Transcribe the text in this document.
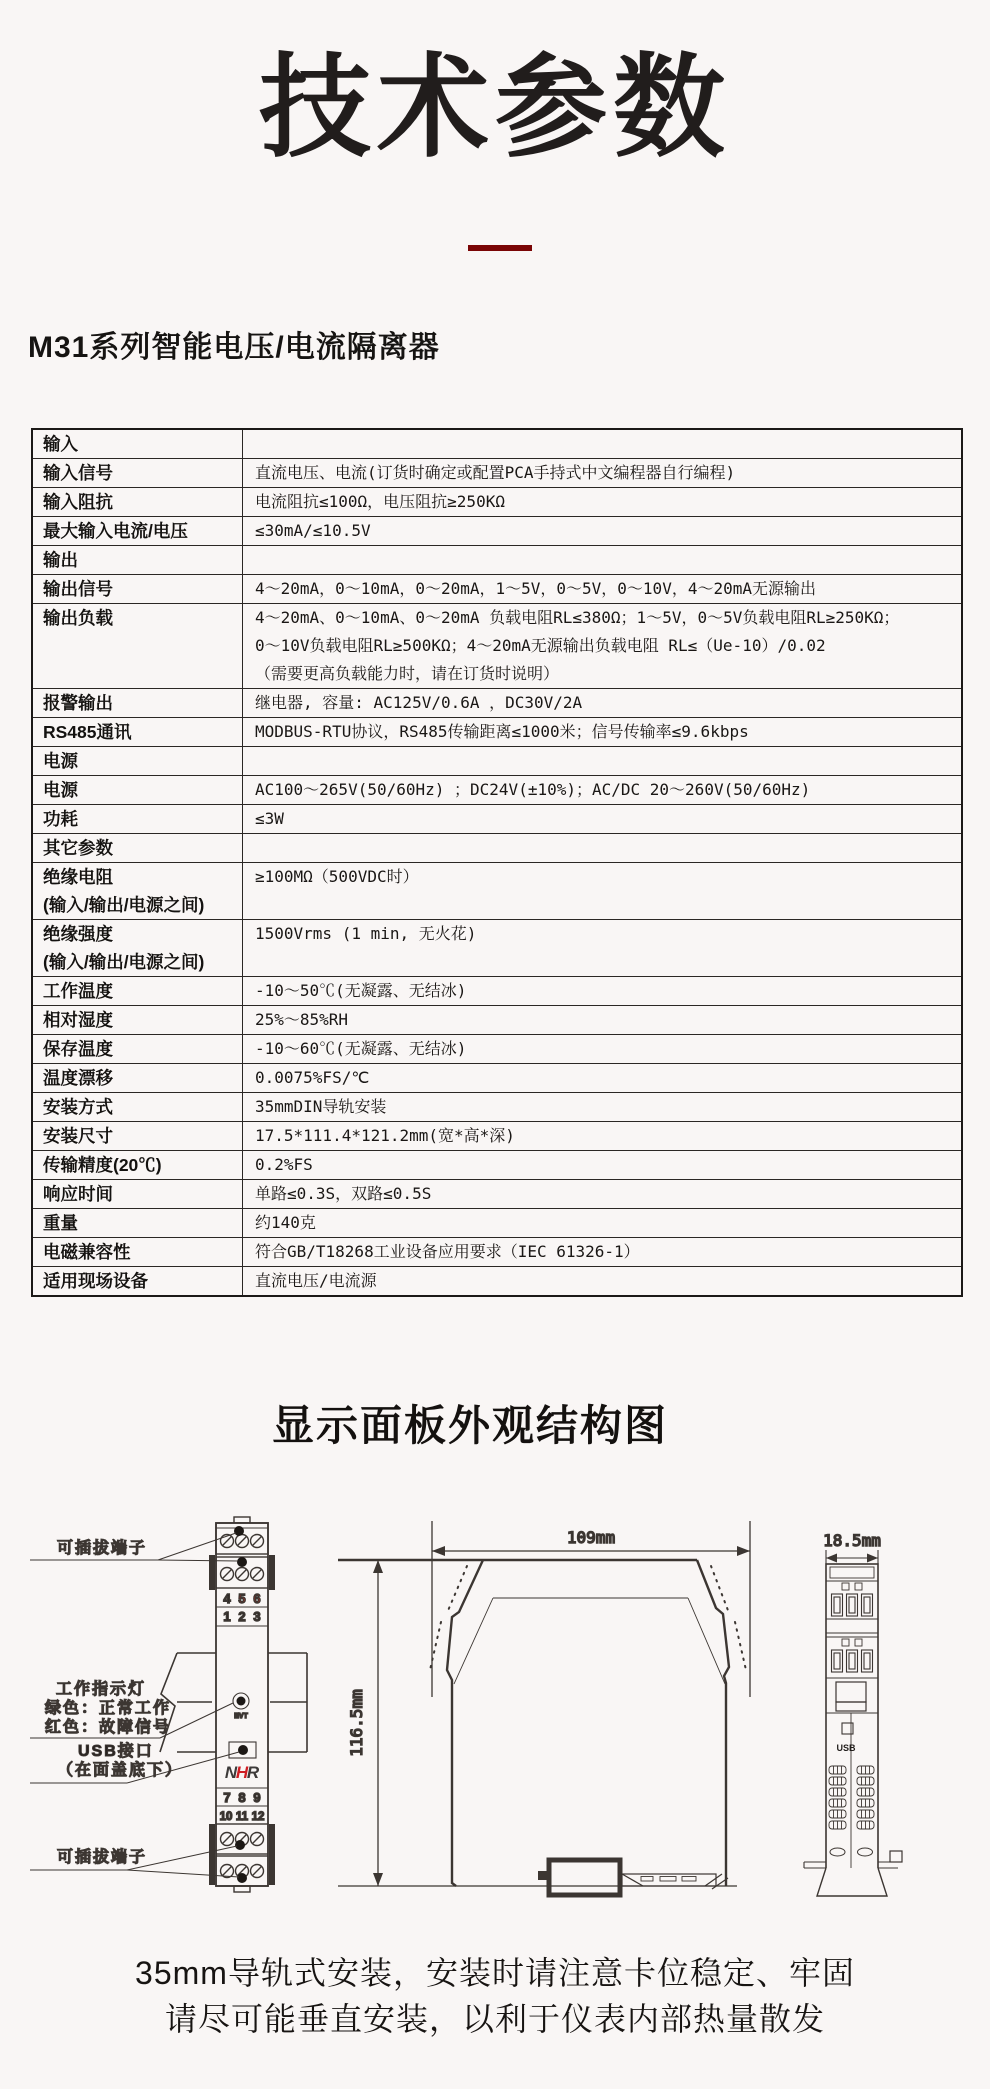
技术参数
M31系列智能电压/电流隔离器
输入	

输入信号	直流电压、电流(订货时确定或配置PCA手持式中文编程器自行编程)

输入阻抗	电流阻抗≤100Ω，电压阻抗≥250KΩ

最大输入电流/电压	≤30mA/≤10.5V

输出	

输出信号	4～20mA，0～10mA，0～20mA，1～5V，0～5V，0～10V，4～20mA无源输出

输出负载	4～20mA、0～10mA、0～20mA 负载电阻RL≤380Ω；1～5V，0～5V负载电阻RL≥250KΩ；
0～10V负载电阻RL≥500KΩ；4～20mA无源输出负载电阻 RL≤（Ue-10）/0.02
（需要更高负载能力时，请在订货时说明）

报警输出	继电器, 容量: AC125V/0.6A ，DC30V/2A

RS485通讯	MODBUS-RTU协议，RS485传输距离≤1000米；信号传输率≤9.6kbps

电源	

电源	AC100～265V(50/60Hz) ；DC24V(±10%)；AC/DC 20～260V(50/60Hz)

功耗	≤3W

其它参数	

绝缘电阻
(输入/输出/电源之间)	≥100MΩ（500VDC时）

绝缘强度
(输入/输出/电源之间)	1500Vrms (1 min, 无火花)

工作温度	-10～50℃(无凝露、无结冰)

相对湿度	25%～85%RH

保存温度	-10～60℃(无凝露、无结冰)

温度漂移	0.0075%FS/℃

安装方式	35mmDIN导轨安装

安装尺寸	17.5*111.4*121.2mm(宽*高*深)

传输精度(20℃)	0.2%FS

响应时间	单路≤0.3S，双路≤0.5S

重量	约140克

电磁兼容性	符合GB/T18268工业设备应用要求（IEC 61326-1）

适用现场设备	直流电压/电流源
显示面板外观结构图
4 5 6
1 2 3
EVT
N
H
R
7 8 9
10 11 12
可插拔端子
工作指示灯
绿色：正常工作
红色：故障信号
USB接口
（在面盖底下）
可插拔端子
109mm
116.5mm
18.5mm
USB
35mm导轨式安装，安装时请注意卡位稳定、牢固
请尽可能垂直安装，以利于仪表内部热量散发
